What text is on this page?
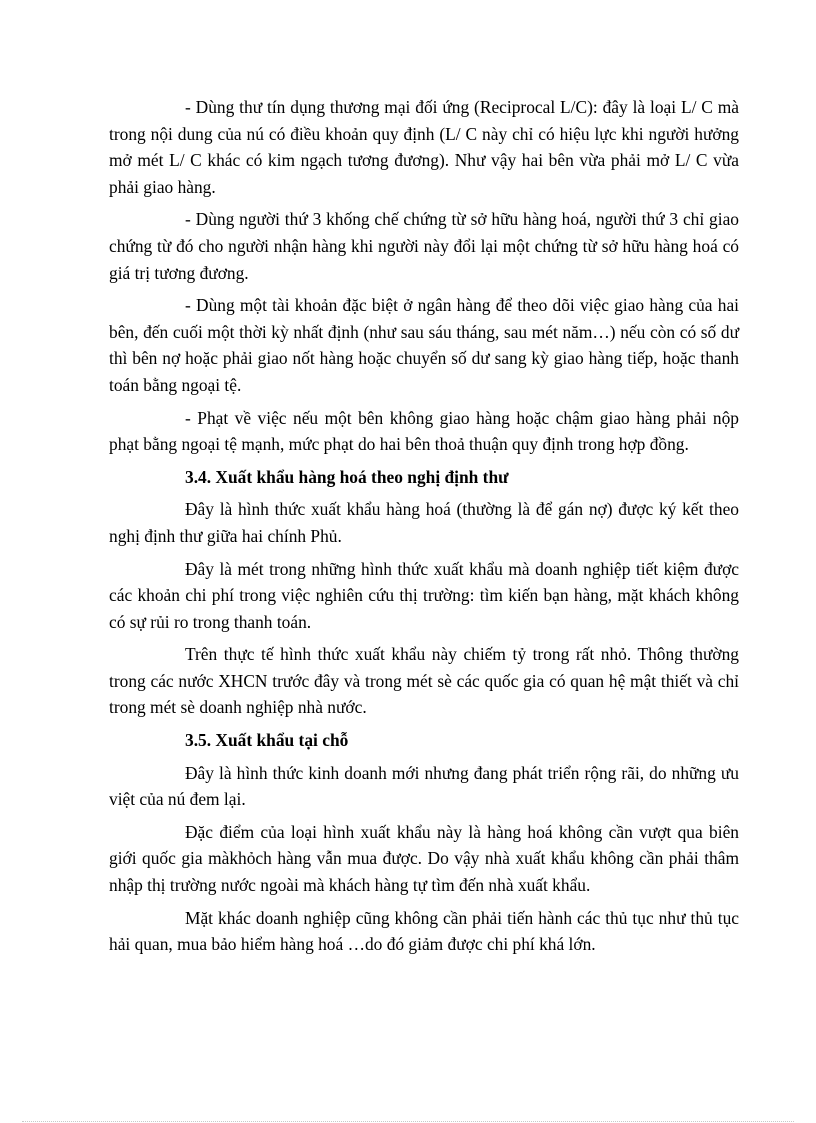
- Dùng thư tín dụng thương mại đối ứng (Reciprocal L/C): đây là loại L/ C mà trong nội dung của nú có điều khoản quy định (L/ C này chỉ có hiệu lực khi người hưởng mở mét L/ C khác có kim ngạch tương đương). Như vậy hai bên vừa phải mở L/ C vừa phải giao hàng.

- Dùng người thứ 3 khống chế chứng từ sở hữu hàng hoá, người thứ 3 chỉ giao chứng từ đó cho người nhận hàng khi người này đổi lại một chứng từ sở hữu hàng hoá có giá trị tương đương.

- Dùng một tài khoản đặc biệt ở ngân hàng để theo dõi việc giao hàng của hai bên, đến cuối một thời kỳ nhất định (như sau sáu tháng, sau mét năm…) nếu còn có số dư thì bên nợ hoặc phải giao nốt hàng hoặc chuyển số dư sang kỳ giao hàng tiếp, hoặc thanh toán bằng ngoại tệ.

- Phạt về việc nếu một bên không giao hàng hoặc chậm giao hàng phải nộp phạt bằng ngoại tệ mạnh, mức phạt do hai bên thoả thuận quy định trong hợp đồng.

3.4. Xuất khẩu hàng hoá theo nghị định thư

Đây là hình thức xuất khẩu hàng hoá (thường là để gán nợ) được ký kết theo nghị định thư giữa hai chính Phủ.

Đây là mét trong những hình thức xuất khẩu mà doanh nghiệp tiết kiệm được các khoản chi phí trong việc nghiên cứu thị trường: tìm kiến bạn hàng, mặt khách không có sự rủi ro trong thanh toán.

Trên thực tế hình thức xuất khẩu này chiếm tỷ trong rất nhỏ. Thông thường trong các nước XHCN trước đây và trong mét sè các quốc gia có quan hệ mật thiết và chỉ trong mét sè doanh nghiệp nhà nước.

3.5. Xuất khẩu tại chỗ

Đây là hình thức kinh doanh mới nhưng đang phát triển rộng rãi, do những ưu việt của nú đem lại.

Đặc điểm của loại hình xuất khẩu này là hàng hoá không cần vượt qua biên giới quốc gia màkhỏch hàng vẫn mua được. Do vậy nhà xuất khẩu không cần phải thâm nhập thị trường nước ngoài mà khách hàng tự tìm đến nhà xuất khẩu.

Mặt khác doanh nghiệp cũng không cần phải tiến hành các thủ tục như thủ tục hải quan, mua bảo hiểm hàng hoá …do đó giảm được chi phí khá lớn.
